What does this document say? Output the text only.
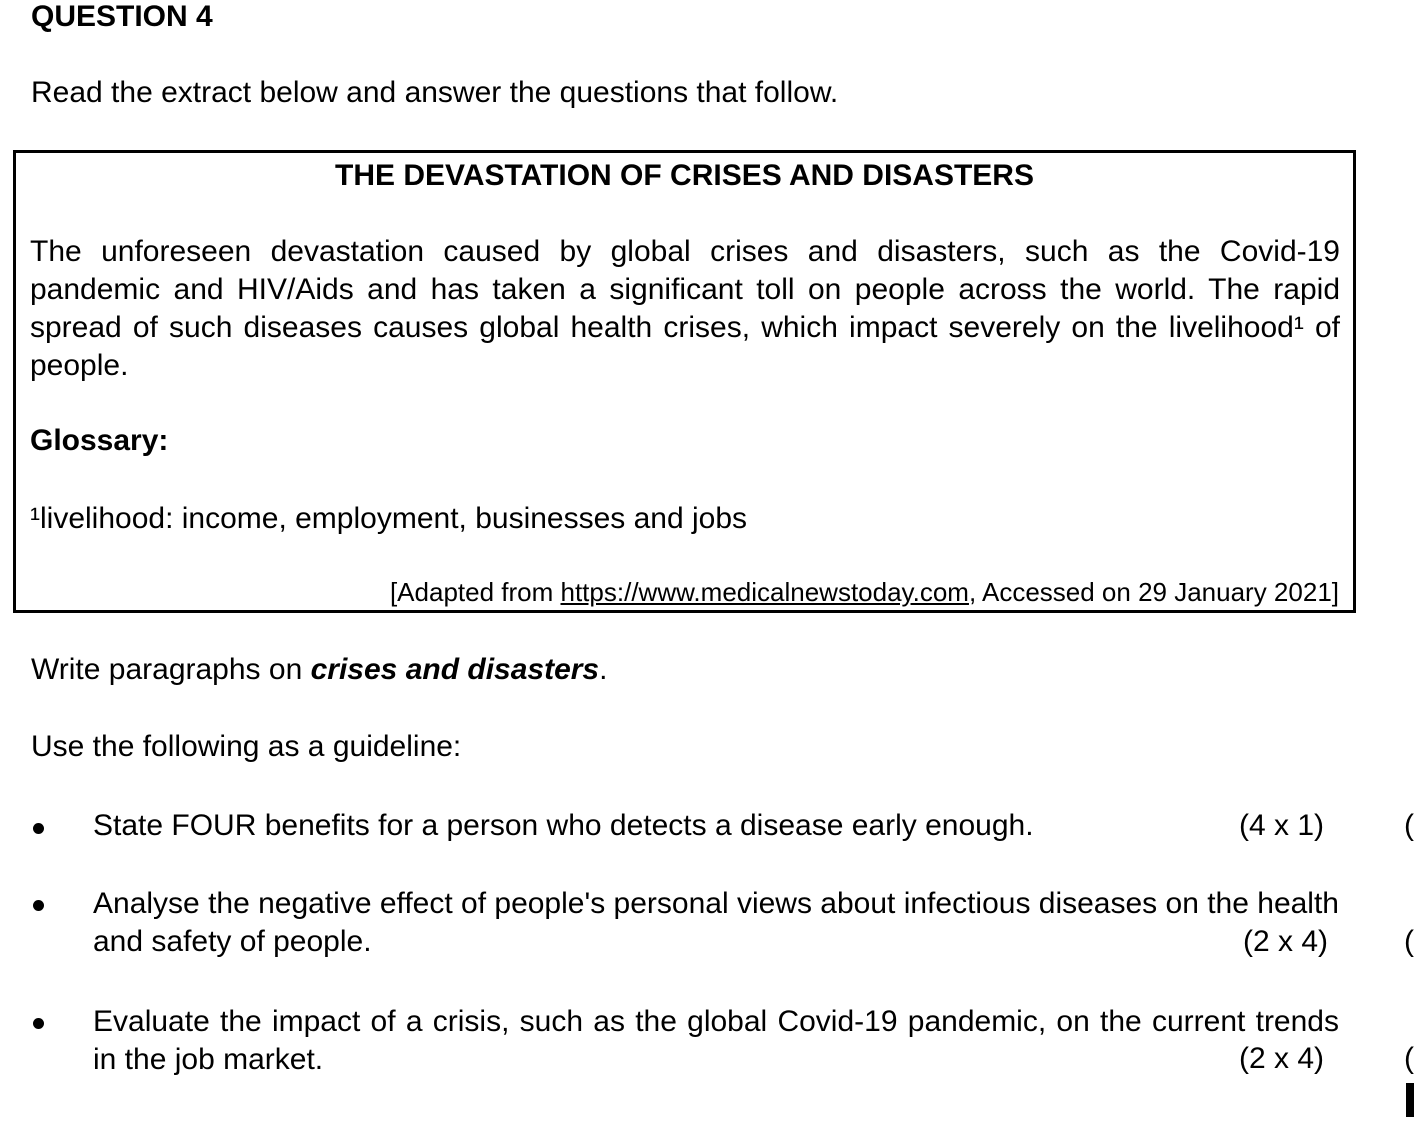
QUESTION 4
Read the extract below and answer the questions that follow.
THE DEVASTATION OF CRISES AND DISASTERS
The unforeseen devastation caused by global crises and disasters, such as the Covid-19 pandemic and HIV/Aids and has taken a significant toll on people across the world. The rapid spread of such diseases causes global health crises, which impact severely on the livelihood¹ of people.
Glossary:
¹livelihood: income, employment, businesses and jobs
[Adapted from https://www.medicalnewstoday.com, Accessed on 29 January 2021]
Write paragraphs on crises and disasters.
Use the following as a guideline:
State FOUR benefits for a person who detects a disease early enough.	(4 x 1)	(
Analyse the negative effect of people's personal views about infectious diseases on the health and safety of people.	(2 x 4)	(
Evaluate the impact of a crisis, such as the global Covid-19 pandemic, on the current trends in the job market.	(2 x 4)	(
